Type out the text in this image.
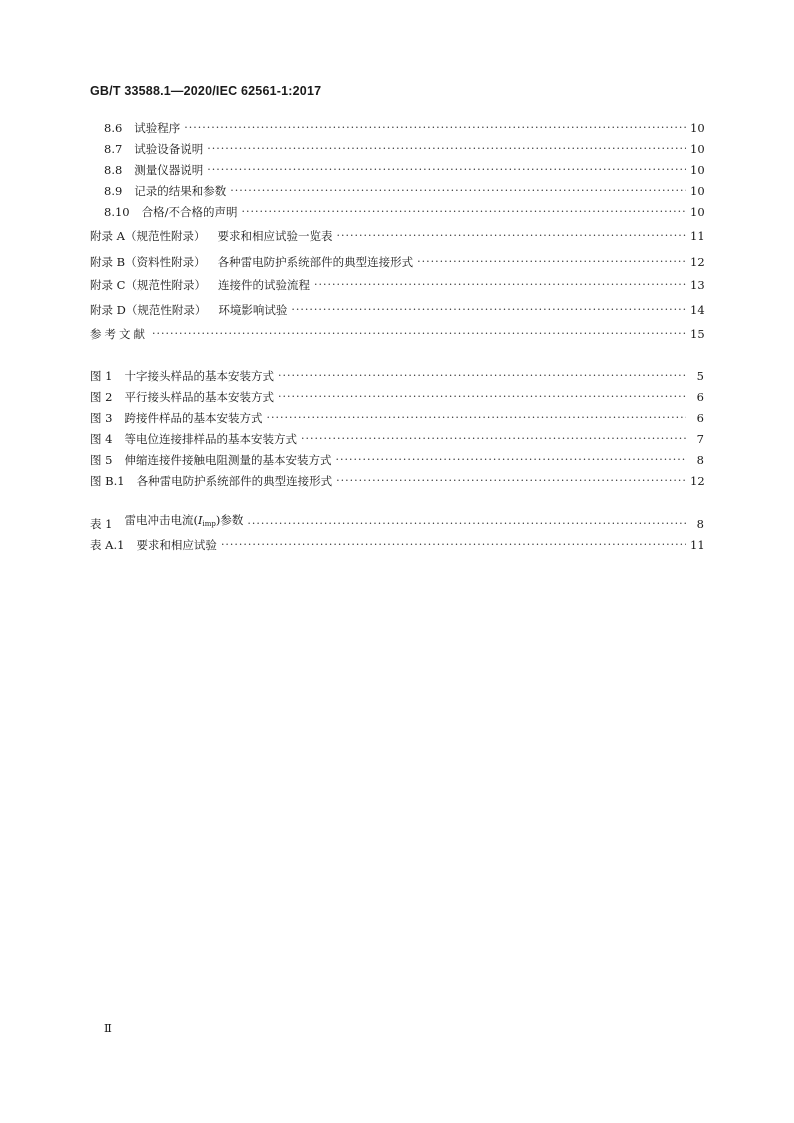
GB/T 33588.1—2020/IEC 62561-1:2017
8.6 试验程序 ·····	10
8.7 试验设备说明 ·····	10
8.8 测量仪器说明 ·····	10
8.9 记录的结果和参数 ·····	10
8.10 合格/不合格的声明 ·····	10
附录 A（规范性附录） 要求和相应试验一览表 ·····	11
附录 B（资料性附录） 各种雷电防护系统部件的典型连接形式 ·····	12
附录 C（规范性附录） 连接件的试验流程 ·····	13
附录 D（规范性附录） 环境影响试验 ·····	14
参考文献 ·····	15
图 1 十字接头样品的基本安装方式 ·····	5
图 2 平行接头样品的基本安装方式 ·····	6
图 3 跨接件样品的基本安装方式 ·····	6
图 4 等电位连接排样品的基本安装方式 ·····	7
图 5 伸缩连接件接触电阻测量的基本安装方式 ·····	8
图 B.1 各种雷电防护系统部件的典型连接形式 ·····	12
表 1 雷电冲击电流$(I_{imp})$参数 ·····	8
表 A.1 要求和相应试验 ·····	11
Ⅱ
